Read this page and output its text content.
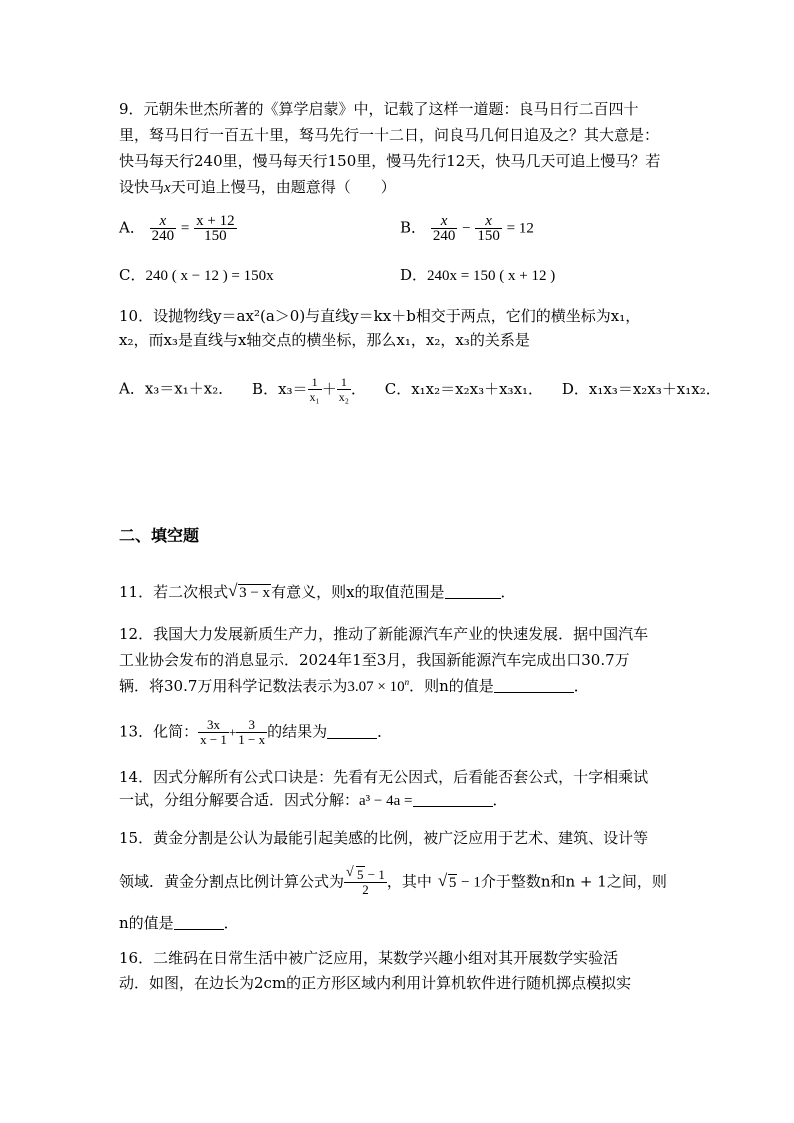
9．元朝朱世杰所著的《算学启蒙》中，记载了这样一道题：良马日行二百四十
里，驽马日行一百五十里，驽马先行一十二日，问良马几何日追及之？其大意是：
快马每天行240里，慢马每天行150里，慢马先行12天，快马几天可追上慢马？若
设快马x天可追上慢马，由题意得（　　）
A． $\frac{x}{240} = \frac{x + 12}{150}$	B． $\frac{x}{240} - \frac{x}{150} = 12$
C．240 ( x − 12 ) = 150x	D．240x = 150 ( x + 12 )
10．设抛物线y＝ax²(a＞0)与直线y＝kx＋b相交于两点，它们的横坐标为x₁，
x₂，而x₃是直线与x轴交点的横坐标，那么x₁，x₂，x₃的关系是
A．x₃＝x₁＋x₂． B．$x_3= \frac{1}{\text{x₁}} + \frac{1}{\text{x₂}}$ ． C．x₁x₂＝x₂x₃＋x₃x₁． D．x₁x₃＝x₂x₃＋x₁x₂．
二、填空题
11．若二次根式 √ 3 − x有意义，则x的取值范围是	．
12．我国大力发展新质生产力，推动了新能源汽车产业的快速发展．据中国汽车
工业协会发布的消息显示．2024年1至3月，我国新能源汽车完成出口30.7万
辆．将30.7万用科学记数法表示为$3.07 \times 10^n$．则n的值是	．
13．化简： $\frac{3x}{x - 1} + \frac{3}{1 - x}$ 的结果为	．
14．因式分解所有公式口诀是：先看有无公因式，后看能否套公式，十字相乘试
一试，分组分解要合适．因式分解：a³ − 4a =	．
15．黄金分割是公认为最能引起美感的比例，被广泛应用于艺术、建筑、设计等
领域．黄金分割点比例计算公式为 $\frac{√ 5 - 1}{2}$ ，其中 √ 5 − 1介于整数n和n + 1之间，则
n的值是	．
16．二维码在日常生活中被广泛应用，某数学兴趣小组对其开展数学实验活
动．如图，在边长为2cm的正方形区域内利用计算机软件进行随机掷点模拟实
